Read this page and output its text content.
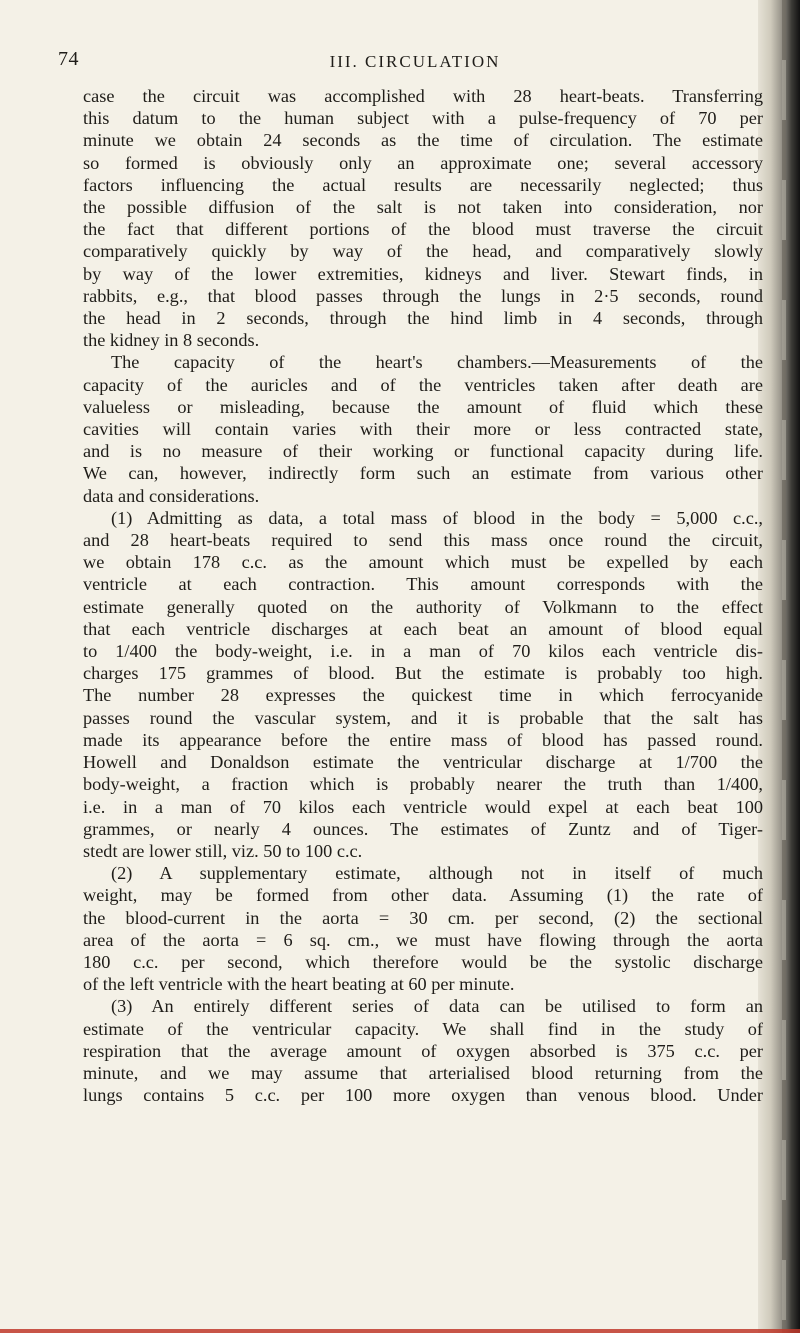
74	III. CIRCULATION
case the circuit was accomplished with 28 heart-beats. Transferring
this datum to the human subject with a pulse-frequency of 70 per
minute we obtain 24 seconds as the time of circulation. The estimate
so formed is obviously only an approximate one; several accessory
factors influencing the actual results are necessarily neglected; thus
the possible diffusion of the salt is not taken into consideration, nor
the fact that different portions of the blood must traverse the circuit
comparatively quickly by way of the head, and comparatively slowly
by way of the lower extremities, kidneys and liver. Stewart finds, in
rabbits, e.g., that blood passes through the lungs in 2·5 seconds, round
the head in 2 seconds, through the hind limb in 4 seconds, through
the kidney in 8 seconds.
The capacity of the heart's chambers.—Measurements of the
capacity of the auricles and of the ventricles taken after death are
valueless or misleading, because the amount of fluid which these
cavities will contain varies with their more or less contracted state,
and is no measure of their working or functional capacity during life.
We can, however, indirectly form such an estimate from various other
data and considerations.
(1) Admitting as data, a total mass of blood in the body = 5,000 c.c.,
and 28 heart-beats required to send this mass once round the circuit,
we obtain 178 c.c. as the amount which must be expelled by each
ventricle at each contraction. This amount corresponds with the
estimate generally quoted on the authority of Volkmann to the effect
that each ventricle discharges at each beat an amount of blood equal
to 1/400 the body-weight, i.e. in a man of 70 kilos each ventricle dis-
charges 175 grammes of blood. But the estimate is probably too high.
The number 28 expresses the quickest time in which ferrocyanide
passes round the vascular system, and it is probable that the salt has
made its appearance before the entire mass of blood has passed round.
Howell and Donaldson estimate the ventricular discharge at 1/700 the
body-weight, a fraction which is probably nearer the truth than 1/400,
i.e. in a man of 70 kilos each ventricle would expel at each beat 100
grammes, or nearly 4 ounces. The estimates of Zuntz and of Tiger-
stedt are lower still, viz. 50 to 100 c.c.
(2) A supplementary estimate, although not in itself of much
weight, may be formed from other data. Assuming (1) the rate of
the blood-current in the aorta = 30 cm. per second, (2) the sectional
area of the aorta = 6 sq. cm., we must have flowing through the aorta
180 c.c. per second, which therefore would be the systolic discharge
of the left ventricle with the heart beating at 60 per minute.
(3) An entirely different series of data can be utilised to form an
estimate of the ventricular capacity. We shall find in the study of
respiration that the average amount of oxygen absorbed is 375 c.c. per
minute, and we may assume that arterialised blood returning from the
lungs contains 5 c.c. per 100 more oxygen than venous blood. Under
